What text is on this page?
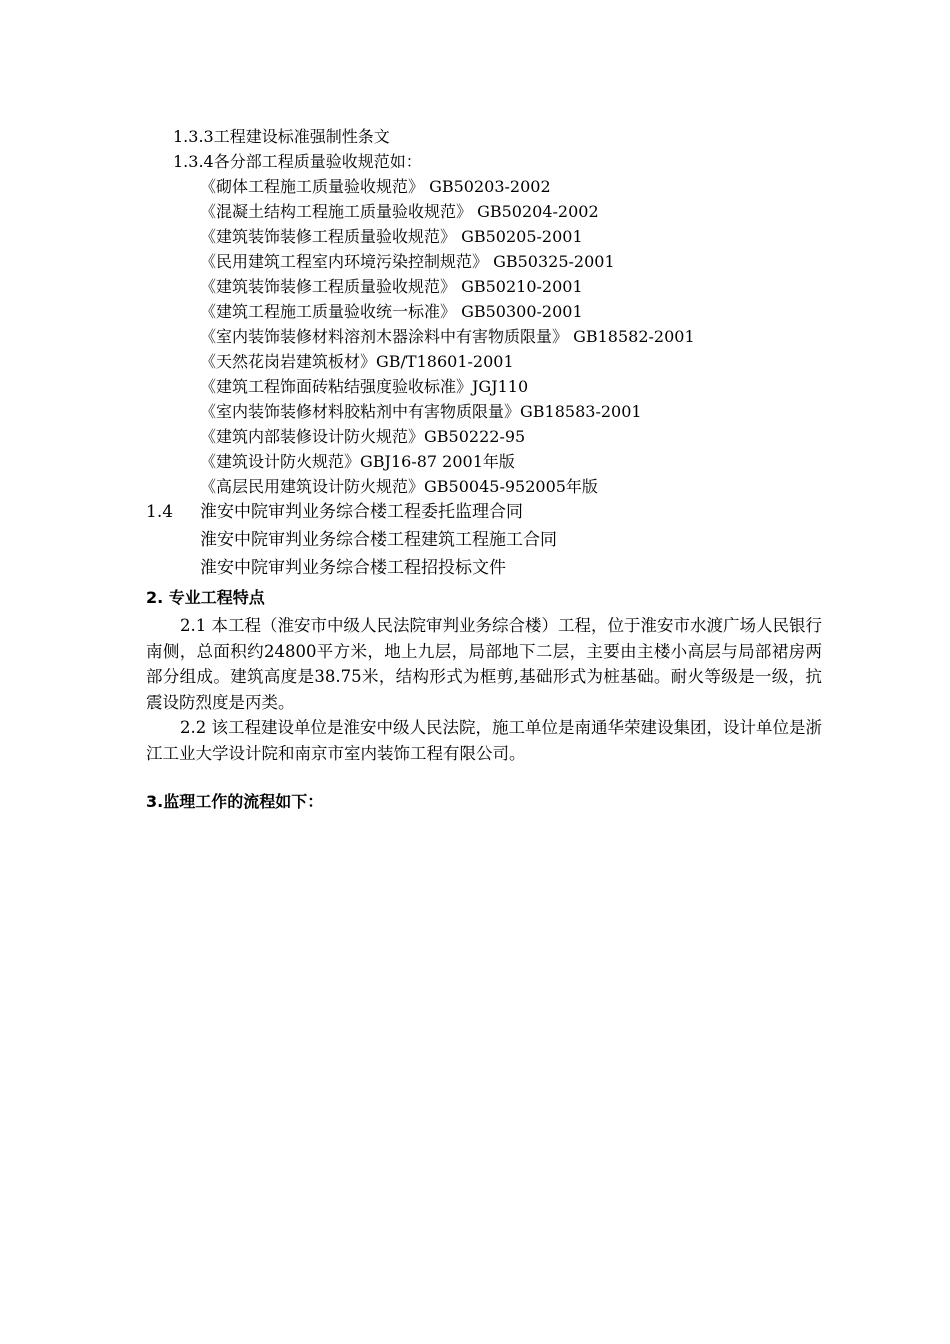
1.3.3工程建设标准强制性条文
1.3.4各分部工程质量验收规范如：
《砌体工程施工质量验收规范》 GB50203-2002
《混凝土结构工程施工质量验收规范》 GB50204-2002
《建筑装饰装修工程质量验收规范》 GB50205-2001
《民用建筑工程室内环境污染控制规范》 GB50325-2001
《建筑装饰装修工程质量验收规范》 GB50210-2001
《建筑工程施工质量验收统一标准》 GB50300-2001
《室内装饰装修材料溶剂木器涂料中有害物质限量》 GB18582-2001
《天然花岗岩建筑板材》GB/T18601-2001
《建筑工程饰面砖粘结强度验收标准》JGJ110
《室内装饰装修材料胶粘剂中有害物质限量》GB18583-2001
《建筑内部装修设计防火规范》GB50222-95
《建筑设计防火规范》GBJ16-87 2001年版
《高层民用建筑设计防火规范》GB50045-952005年版
1.4 淮安中院审判业务综合楼工程委托监理合同
淮安中院审判业务综合楼工程建筑工程施工合同
淮安中院审判业务综合楼工程招投标文件
2. 专业工程特点
2.1 本工程（淮安市中级人民法院审判业务综合楼）工程，位于淮安市水渡广场人民银行南侧，总面积约24800平方米，地上九层，局部地下二层，主要由主楼小高层与局部裙房两部分组成。建筑高度是38.75米，结构形式为框剪,基础形式为桩基础。耐火等级是一级，抗震设防烈度是丙类。
2.2 该工程建设单位是淮安中级人民法院，施工单位是南通华荣建设集团，设计单位是浙江工业大学设计院和南京市室内装饰工程有限公司。
3.监理工作的流程如下：
